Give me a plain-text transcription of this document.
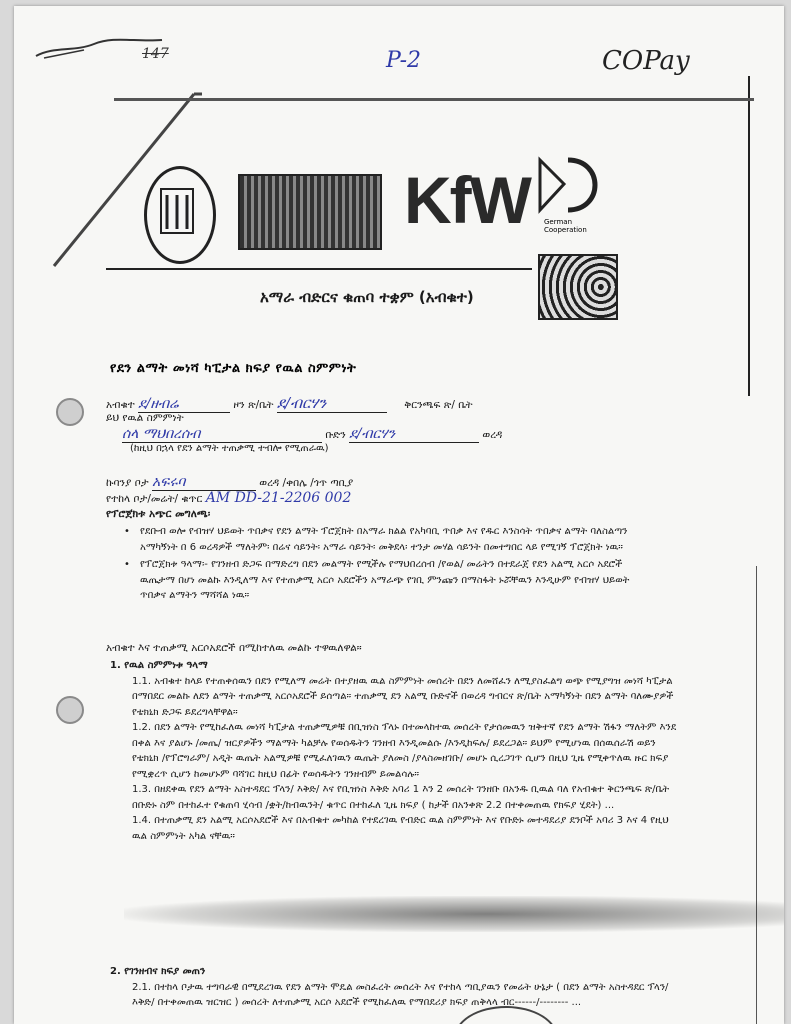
147	P-2	COPay
KfW German
Cooperation
አማራ ብድርና ቁጠባ ተቋም (አብቁተ)
የደን ልማት መነሻ ካፒታል ክፍያ የዉል ስምምነት
አብቁተ ደ/ዘብሬ	ዞን ጽ/ቤት ደ/ብርሃን	ቅርንጫፍ ጽ/ ቤት
ይህ የዉል ስምምነት
ሰላ ማህበረሰብ	ቡድን ደ/ብርሃን	ወረዳ
(ከዚህ በኋላ የደን ልማት ተጠቃሚ ተብሎ የሚጠራዉ)
ኩባንያ ቦታ አፍሩባ	ወረዳ /ቀበሌ /ጎጥ ጣቢያ
የተከላ ቦታ/መሬት/ ቁጥር AM DD-21-2206 002
የፕሮጀክቱ አጭር መግለጫ፡

• የደቡብ ወሎ የብዝሃ ህይወት ጥበቃና የደን ልማት ፕሮጀክት በአማራ ክልል የአካባቢ ጥበቃ እና የዱር እንስሳት ጥበቃና ልማት ባለስልጣን አማካኝነት በ 6 ወረዳዎች ማለትም፡ በሬና ሳይንት፡ አማራ ሳይንት፡ መቅደላ፡ ተንታ መሃል ሳይንት በመተግበር ላይ የሚገኝ ፕሮጀክት ነዉ።

• የፕሮጀክቱ ዓላማ፡- የገንዘብ ድጋፍ በማድረግ በደን መልማት የሚችሉ የማህበረሰብ /የወል/ መሬትን በተደራጀ የደን አልሚ አርሶ አደሮች ዉጤታማ በሆነ መልኩ እንዲለማ እና የተጠቃሚ አርሶ አደሮችን አማራጭ የገቢ ምንጩን በማስፋት ኑሯቸዉን እንዲሁም የብዝሃ ህይወት ጥበቃና ልማትን ማሻሻል ነዉ።

አብቁተ እና ተጠቃሚ አርሶአደሮች በሚከተለዉ መልኩ ተዋዉለዋል።

1. የዉል ስምምነቱ ዓላማ

1.1. አብቁተ ከላይ የተጠቀሰዉን በደን የሚለማ መሬት በተያዘዉ ዉል ስምምነት መሰረት በደን ለመሸፈን ለሚያስፈልግ ወጭ የሚያግዝ መነሻ ካፒታል በማበደር መልኩ ለደን ልማት ተጠቃሚ አርሶአደሮች ይሰጣል። ተጠቃሚ ደን አልሚ ቡድኖች በወረዳ ግብርና ጽ/ቤት አማካኝነት በደን ልማት ባለሙያዎች የቴክኒክ ድጋፍ ይደረግላቸዋል።

1.2. በደን ልማት የሚከፈለዉ መነሻ ካፒታል ተጠቃሚዎቹ በቢዝነስ ፕላኑ በተመላከተዉ መሰረት የታሰመዉን ዝቅተኛ የደን ልማት ሽፋን ማለትም እንደ በቀል እና ያልሆኑ /መጤ/ ዝርያዎችን ማልማት ካልቻሉ የወሰዱትን ገንዘብ እንዲመልሱ /እንዲከፍሉ/ ይደረጋል። ይህም የሚሆነዉ በሰዉሰራሽ ወይን የቴክኒክ /የፕሮግራም/ አዲት ዉጤት አልሚዎቹ የሚፈለገዉን ዉጤት ያለመስ /ያላስመዘገቡ/ መሆኑ ሲረጋገጥ ሲሆን በዚህ ጊዜ የሚቀጥለዉ ዙር ክፍያ የሚቋረጥ ሲሆን ከመሆኑም ባሻገር ከዚህ በፊት የወሰዱትን ገንዘብም ይመልሳሉ።

1.3. በዘደቀዉ የደን ልማት አስተዳደር ፕላን/ እቅድ/ እና የቢዝነስ እቅድ አባሪ 1 እን 2 መሰረት ገንዘቡ በአንዱ ቢዉል ባለ የአብቁተ ቅርንጫፍ ጽ/ቤት በቡድኑ ስም በተከፈተ የቁጠባ ሂሳብ /ቋት/ከብዉንት/ ቁጥር በተከፈለ ጊዜ ክፍያ ( ከታች በአንቀጽ 2.2 በተቀመጠዉ የክፍያ ሂደት) ...

1.4. በተጠቃሚ ደን አልሚ አርሶአደሮች እና በአብቁተ መካከል የተደረገዉ የብድር ዉል ስምምነት እና የቡድኑ መተዳደሪያ ደንቦች አባሪ 3 እና 4 የዚህ ዉል ስምምነት አካል ናቸዉ።

2. የገንዘብና ክፍያ መጠን

2.1. በተከላ ቦታዉ ተግባራዊ በሚደረገዉ የደን ልማት ሞዴል መስፈረት መሰረት እና የተከላ ጣቢያዉን የመሬት ሁኔታ ( በደን ልማት አስተዳደር ፕላን/እቅድ/ በተቀመጠዉ ዝርዝር ) መሰረት ለተጠቃሚ አርሶ አደሮች የሚከፈለዉ የማበደሪያ ክፍያ ጠቅላላ ብር------/-------- ...
